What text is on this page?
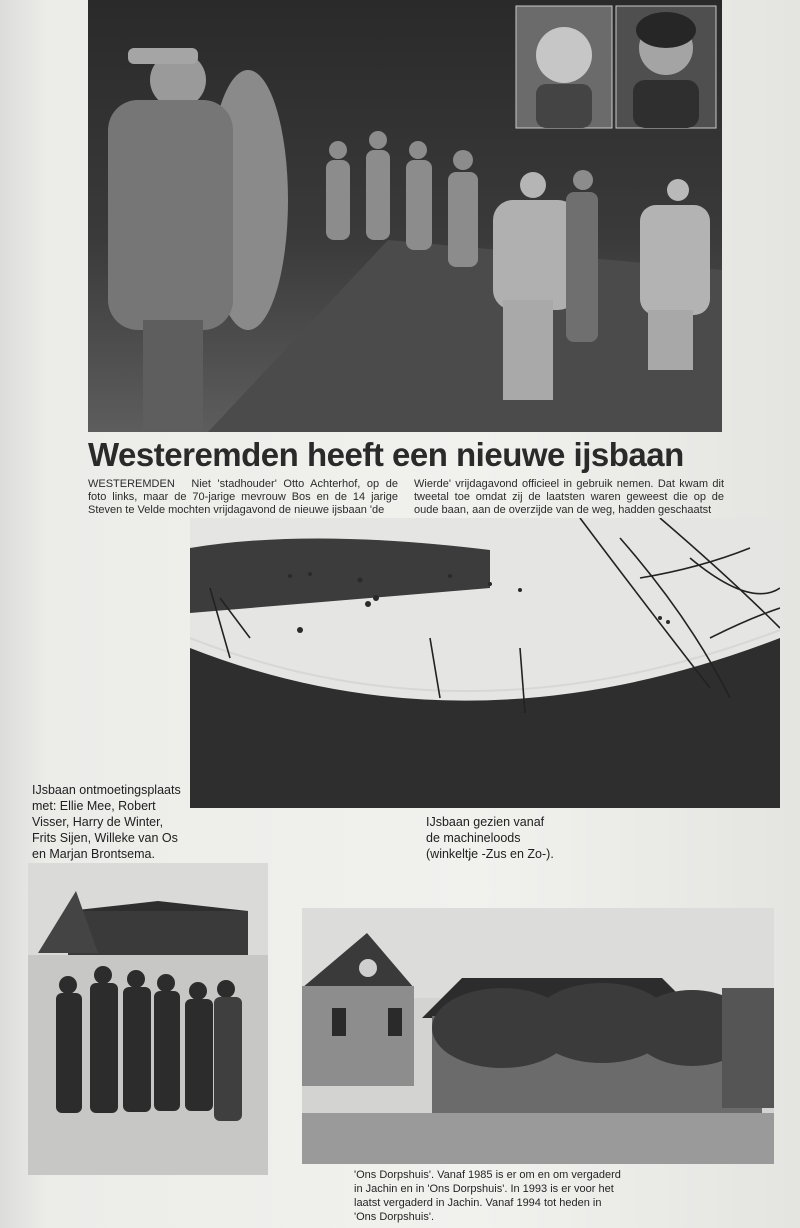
Westeremden heeft een nieuwe ijsbaan
WESTEREMDEN Niet 'stadhouder' Otto Achterhof, op de foto links, maar de 70-jarige mevrouw Bos en de 14 jarige Steven te Velde mochten vrijdagavond de nieuwe ijsbaan 'de
Wierde' vrijdagavond officieel in gebruik nemen. Dat kwam dit tweetal toe omdat zij de laatsten waren geweest die op de oude baan, aan de overzijde van de weg, hadden geschaatst
IJsbaan ontmoetingsplaats
met: Ellie Mee, Robert
Visser, Harry de Winter,
Frits Sijen, Willeke van Os
en Marjan Brontsema.
IJsbaan gezien vanaf
de machineloods
(winkeltje -Zus en Zo-).
'Ons Dorpshuis'. Vanaf 1985 is er om en om vergaderd
in Jachin en in 'Ons Dorpshuis'. In 1993 is er voor het
laatst vergaderd in Jachin. Vanaf 1994 tot heden in
'Ons Dorpshuis'.
